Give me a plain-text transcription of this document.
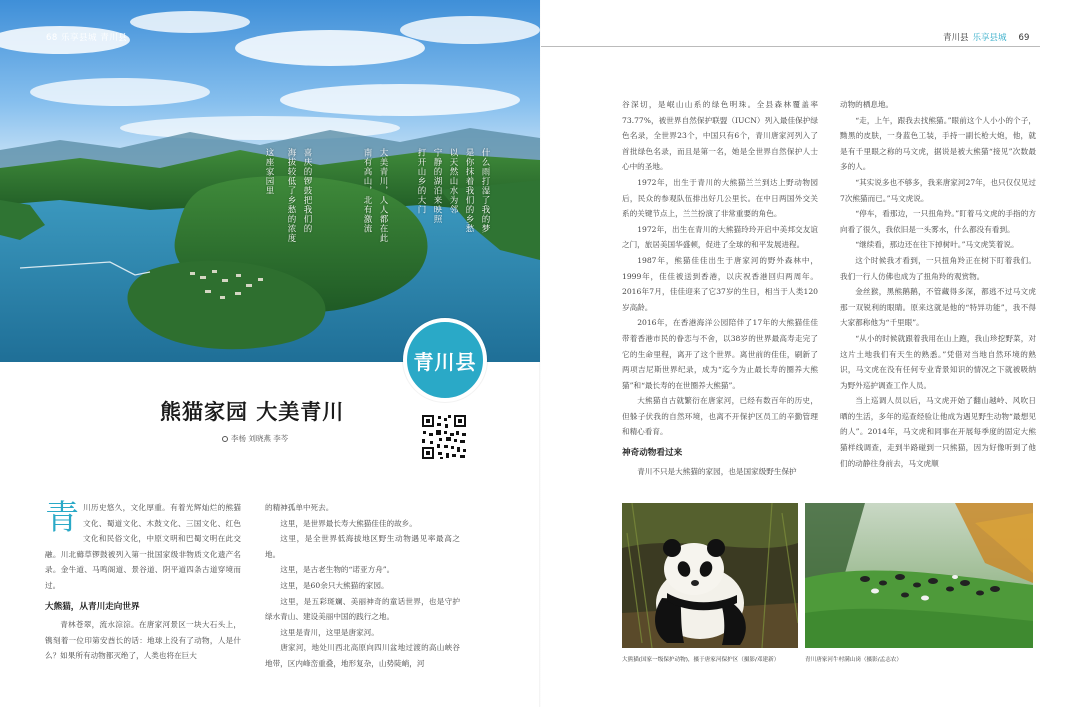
68 乐享县城 青川县
什么雨打湿了我的梦
是你抹着我们的乡愁
以天然山水为邻
宁静的湖泊来映照
打开山乡的大门
大美青川，人人都在此
南有高山，北有激流
喜庆的锣鼓把我们的
海拔较低了乡愁的浓度
这座家园里
青川县
熊猫家园 大美青川
李杨 刘晓燕 李芩

青川历史悠久，文化厚重。有着光辉灿烂的熊猫文化、蜀道文化、木鼓文化、三国文化、红色文化和民俗文化，中原文明和巴蜀文明在此交融。川北薅草锣鼓被列入第一批国家级非物质文化遗产名录。金牛道、马鸣阁道、景谷道、阴平道四条古道穿境而过。

大熊猫，从青川走向世界

青林苍翠，流水淙淙。在唐家河景区一块大石头上，镌刻着一位印第安酋长的话：地球上没有了动物，人是什么？如果所有动物都灭绝了，人类也将在巨大

的精神孤单中死去。

这里，是世界最长寿大熊猫佳佳的故乡。

这里，是全世界低海拔地区野生动物遇见率最高之地。

这里，是古老生物的“诺亚方舟”。

这里，是60余只大熊猫的家园。

这里，是五彩斑斓、美丽神奇的童话世界，也是守护绿水青山、建设美丽中国的践行之地。

这里是青川，这里是唐家河。

唐家河，地处川西北高原向四川盆地过渡的高山峡谷地带，区内峰峦重叠，地形复杂，山势陡峭，河

青川县 乐享县城 69

谷深切，是岷山山系的绿色明珠。全县森林覆盖率73.77%，被世界自然保护联盟（IUCN）列入最佳保护绿色名录，全世界23个，中国只有6个，青川唐家河列入了首批绿色名录，而且是第一名，她是全世界自然保护人士心中的圣地。

1972年，出生于青川的大熊猫兰兰到达上野动物园后，民众的参观队伍排出好几公里长。在中日两国外交关系的关键节点上，兰兰扮演了非常重要的角色。

1972年，出生在青川的大熊猫玲玲开启中美邦交友谊之门，旅居美国华盛顿，促进了全球的和平发展进程。

1987年，熊猫佳佳出生于唐家河的野外森林中，1999年，佳佳被送到香港，以庆祝香港回归两周年。2016年7月，佳佳迎来了它37岁的生日，相当于人类120岁高龄。

2016年，在香港海洋公园陪伴了17年的大熊猫佳佳带着香港市民的眷恋与不舍，以38岁的世界最高寿走完了它的生命里程，离开了这个世界。离世前的佳佳，刷新了两项吉尼斯世界纪录，成为“迄今为止最长寿的圈养大熊猫”和“最长寿的在世圈养大熊猫”。

大熊猫自古就繁衍在唐家河，已经有数百年的历史，但躲子伏我的自然环境，也离不开保护区员工的辛勤管理和精心看育。

神奇动物看过来

青川不只是大熊猫的家园，也是国家级野生保护

动物的栖息地。

“走，上午，跟我去找熊猫。”眼前这个人小小的个子，黝黑的皮肤，一身蓝色工装，手持一副长枪大炮，他，就是有千里眼之称的马文虎，据说是被大熊猫“接见”次数最多的人。

“其实说多也不够多，我来唐家河27年，也只仅仅见过7次熊猫而已。”马文虎说。

“停车，看那边，一只扭角羚。”盯着马文虎的手指的方向看了很久，我依旧是一头雾水，什么都没有看到。

“继续看，那边还在往下掉树叶。”马文虎笑着说。

这个时候我才看到，一只扭角羚正在树下盯着我们。我们一行人仿佛也成为了扭角羚的观赏物。

金丝猴，黑熊鹅鹅，不管藏得多深，都逃不过马文虎那一双锐利的眼睛。原来这就是他的“特异功能”，我不得大家都称他为“千里眼”。

“从小的时候就跟着我用在山上跑，我山珍挖野菜，对这片土地我们有天生的熟悉。”凭借对当地自然环境的熟识，马文虎在没有任何专业背景知识的情况之下就被吸纳为野外巡护调查工作人员。

当上巡调人员以后，马文虎开始了翻山越岭、风吹日晒的生活，多年的巡查经验让他成为遇见野生动物“最想见的人”。2014年，马文虎和同事在开展每季度的固定大熊猫样线调查，走到半路碰到一只熊猫，因为好像听到了他们的动静往身前去，马文虎顺

大熊猫(国家一级保护动物)，摄于唐家河保护区（摄影/邓建新）	青川唐家河牛村满山岗（摄影/孟志农）
